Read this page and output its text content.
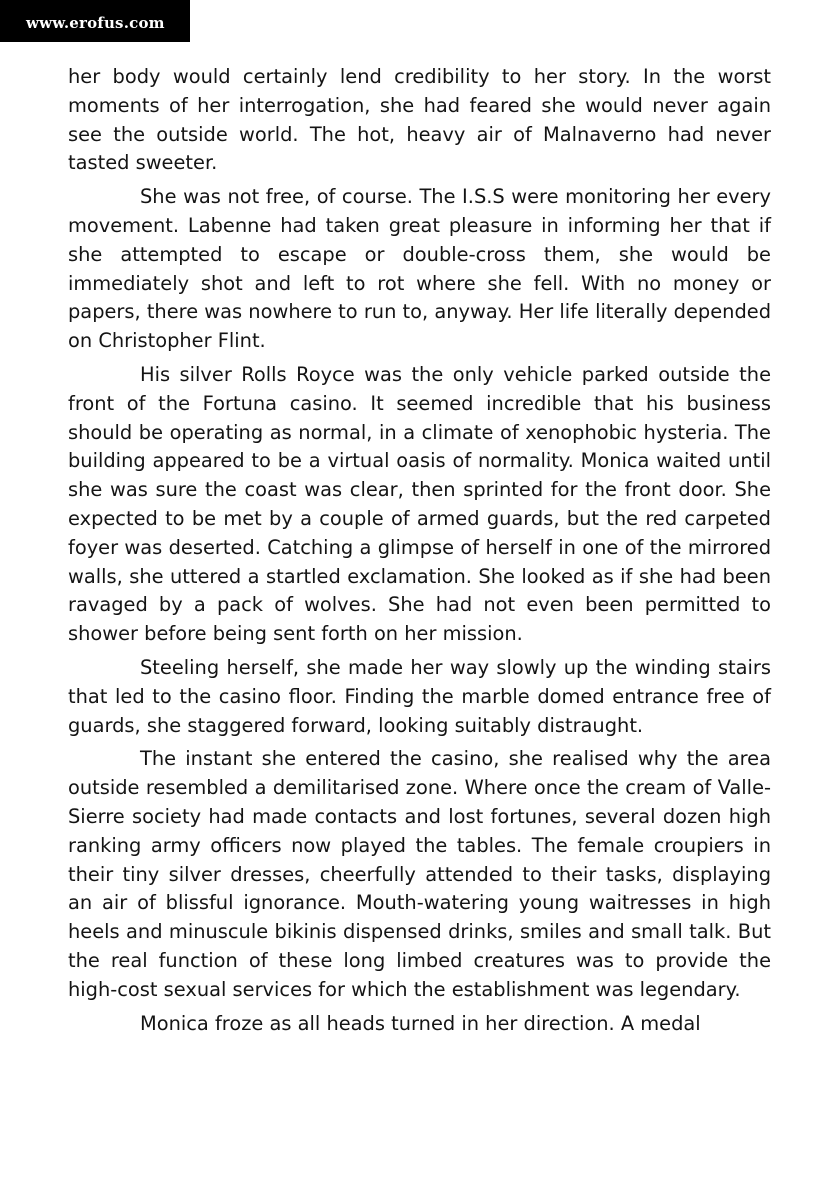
www.erofus.com

her body would certainly lend credibility to her story. In the worst moments of her interrogation, she had feared she would never again see the outside world. The hot, heavy air of Malnaverno had never tasted sweeter.

She was not free, of course. The I.S.S were monitoring her every movement. Labenne had taken great pleasure in informing her that if she attempted to escape or double-cross them, she would be immediately shot and left to rot where she fell. With no money or papers, there was nowhere to run to, anyway. Her life literally depended on Christopher Flint.

His silver Rolls Royce was the only vehicle parked outside the front of the Fortuna casino. It seemed incredible that his business should be operating as normal, in a climate of xenophobic hysteria. The building appeared to be a virtual oasis of normality. Monica waited until she was sure the coast was clear, then sprinted for the front door. She expected to be met by a couple of armed guards, but the red carpeted foyer was deserted. Catching a glimpse of herself in one of the mirrored walls, she uttered a startled exclamation. She looked as if she had been ravaged by a pack of wolves. She had not even been permitted to shower before being sent forth on her mission.

Steeling herself, she made her way slowly up the winding stairs that led to the casino floor. Finding the marble domed entrance free of guards, she staggered forward, looking suitably distraught.

The instant she entered the casino, she realised why the area outside resembled a demilitarised zone. Where once the cream of Valle-Sierre society had made contacts and lost fortunes, several dozen high ranking army officers now played the tables. The female croupiers in their tiny silver dresses, cheerfully attended to their tasks, displaying an air of blissful ignorance. Mouth-watering young waitresses in high heels and minuscule bikinis dispensed drinks, smiles and small talk. But the real function of these long limbed creatures was to provide the high-cost sexual services for which the establishment was legendary.

Monica froze as all heads turned in her direction. A medal
